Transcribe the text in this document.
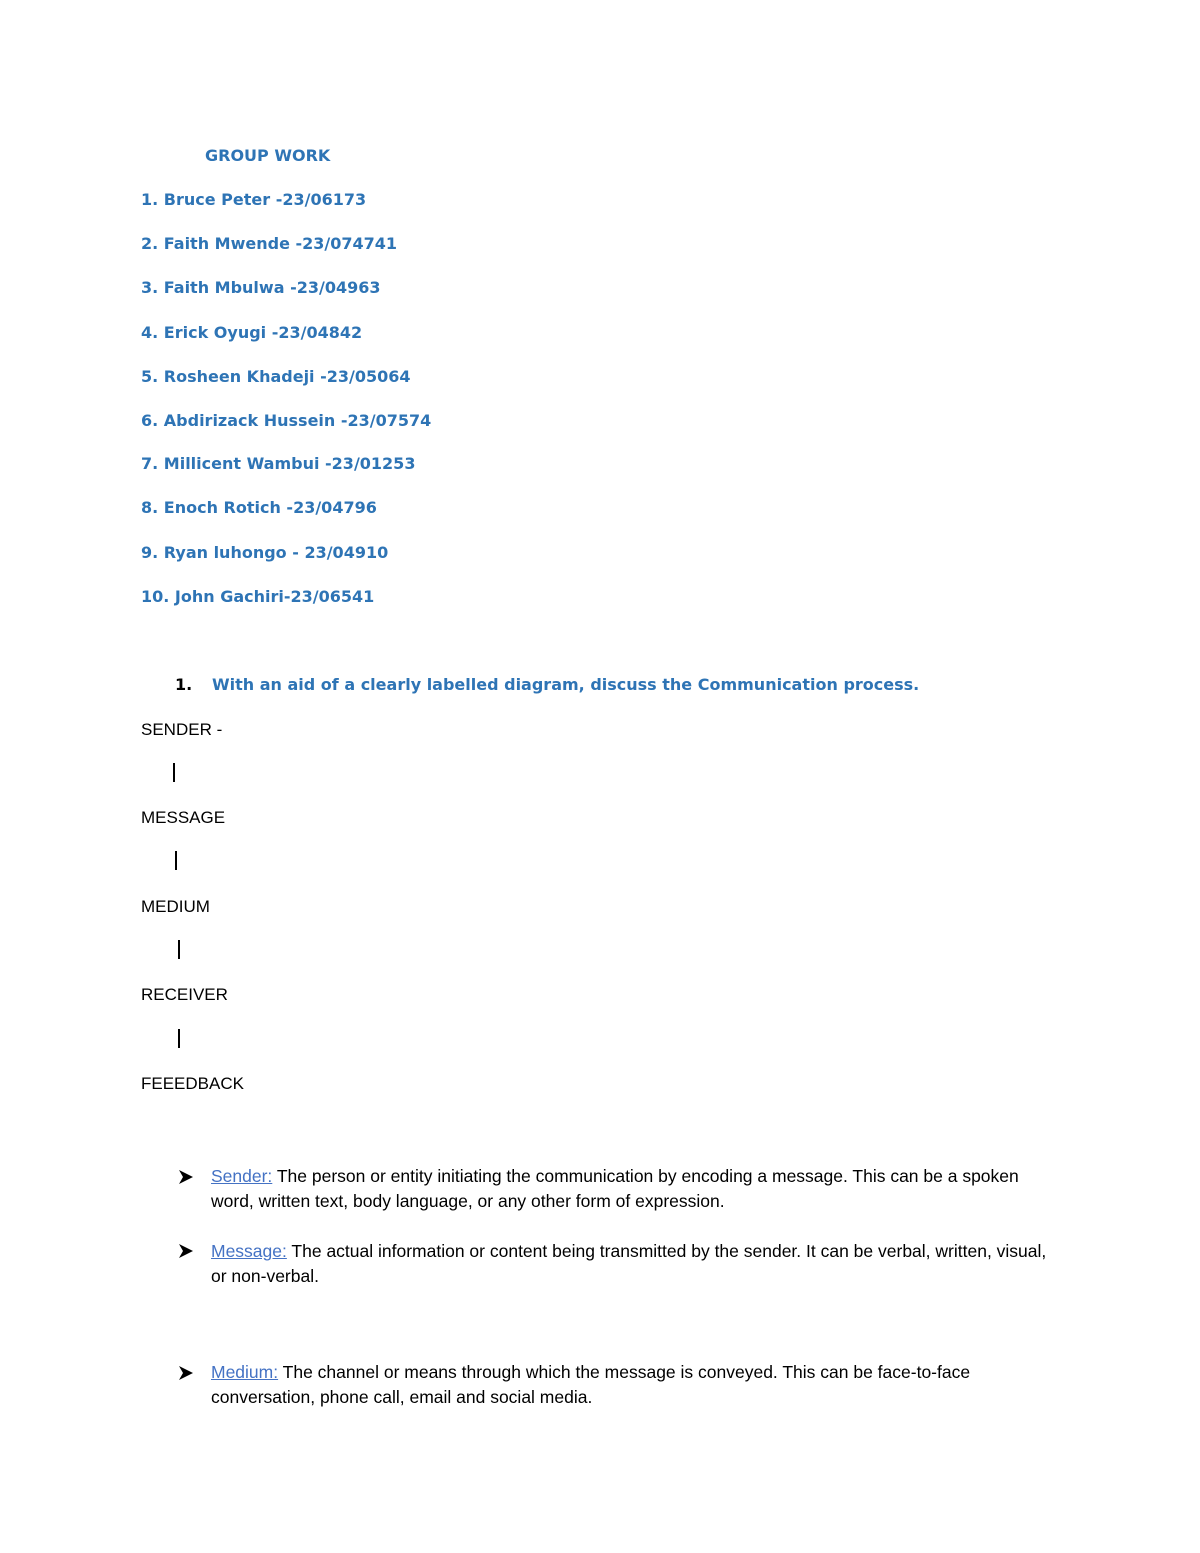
GROUP WORK
1. Bruce Peter -23/06173
2. Faith Mwende -23/074741
3. Faith Mbulwa -23/04963
4. Erick Oyugi -23/04842
5. Rosheen Khadeji -23/05064
6. Abdirizack Hussein -23/07574
7. Millicent Wambui -23/01253
8. Enoch Rotich -23/04796
9. Ryan luhongo - 23/04910
10. John Gachiri-23/06541
1. With an aid of a clearly labelled diagram, discuss the Communication process.
SENDER -
MESSAGE
MEDIUM
RECEIVER
FEEEDBACK
Sender: The person or entity initiating the communication by encoding a message. This can be a spoken word, written text, body language, or any other form of expression.
Message: The actual information or content being transmitted by the sender. It can be verbal, written, visual, or non-verbal.
Medium: The channel or means through which the message is conveyed. This can be face-to-face conversation, phone call, email and social media.
